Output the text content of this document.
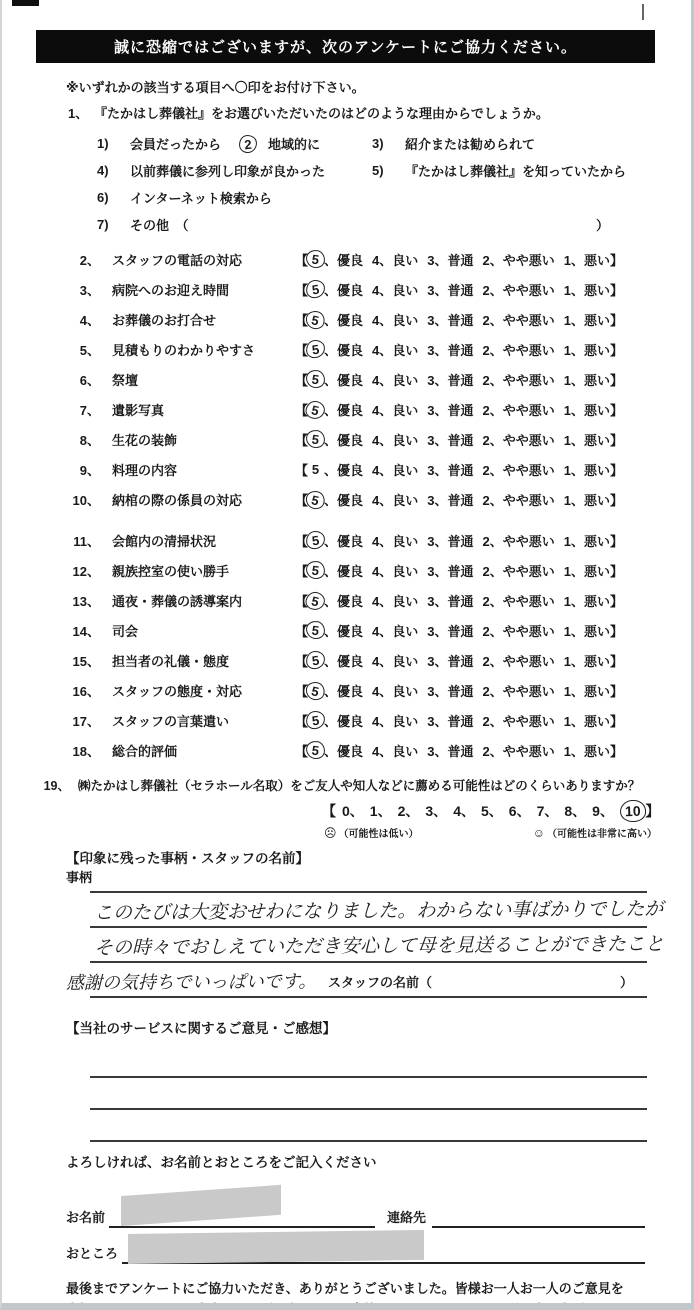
誠に恐縮ではございますが、次のアンケートにご協力ください。
※いずれかの該当する項目へ〇印をお付け下さい。
1、 『たかはし葬儀社』をお選びいただいたのはどのような理由からでしょうか。
1)	会員だったから	2	地域的に	3)	紹介または勧められて
4)	以前葬儀に参列し印象が良かった	5)	『たかはし葬儀社』を知っていたから
6)	インターネット検索から
7)	その他　（	）
2、 スタッフの電話の対応	【 5 、優良 4、良い 3、普通 2、やや悪い 1、悪い 】
3、 病院へのお迎え時間	【 5 、優良 4、良い 3、普通 2、やや悪い 1、悪い 】
4、 お葬儀のお打合せ	【 5 、優良 4、良い 3、普通 2、やや悪い 1、悪い 】
5、 見積もりのわかりやすさ	【 5 、優良 4、良い 3、普通 2、やや悪い 1、悪い 】
6、 祭壇	【 5 、優良 4、良い 3、普通 2、やや悪い 1、悪い 】
7、 遺影写真	【 5 、優良 4、良い 3、普通 2、やや悪い 1、悪い 】
8、 生花の装飾	【 5 、優良 4、良い 3、普通 2、やや悪い 1、悪い 】
9、 料理の内容	【 5 、優良 4、良い 3、普通 2、やや悪い 1、悪い 】
10、 納棺の際の係員の対応	【 5 、優良 4、良い 3、普通 2、やや悪い 1、悪い 】
11、 会館内の清掃状況	【 5 、優良 4、良い 3、普通 2、やや悪い 1、悪い 】
12、 親族控室の使い勝手	【 5 、優良 4、良い 3、普通 2、やや悪い 1、悪い 】
13、 通夜・葬儀の誘導案内	【 5 、優良 4、良い 3、普通 2、やや悪い 1、悪い 】
14、 司会	【 5 、優良 4、良い 3、普通 2、やや悪い 1、悪い 】
15、 担当者の礼儀・態度	【 5 、優良 4、良い 3、普通 2、やや悪い 1、悪い 】
16、 スタッフの態度・対応	【 5 、優良 4、良い 3、普通 2、やや悪い 1、悪い 】
17、 スタッフの言葉遣い	【 5 、優良 4、良い 3、普通 2、やや悪い 1、悪い 】
18、 総合的評価	【 5 、優良 4、良い 3、普通 2、やや悪い 1、悪い 】
19、 ㈱たかはし葬儀社（セラホール名取）をご友人や知人などに薦める可能性はどのくらいありますか？
【 0、 1、 2、 3、 4、 5、 6、 7、 8、 9、 10 】
☹ （可能性は低い）	☺ （可能性は非常に高い）
【印象に残った事柄・スタッフの名前】
事柄
このたびは大変おせわになりました。わからない事ばかりでしたが
その時々でおしえていただき安心して母を見送ることができたこと
感謝の気持ちでいっぱいです。 スタッフの名前（	）
【当社のサービスに関するご意見・ご感想】
よろしければ、お名前とおところをご記入ください
お名前	連絡先
おところ
最後までアンケートにご協力いただき、ありがとうございました。皆様お一人お一人のご意見を
大切にして、サービス向上につなげて参ります。今後ともどうぞよろしくお願い申し上げます。
